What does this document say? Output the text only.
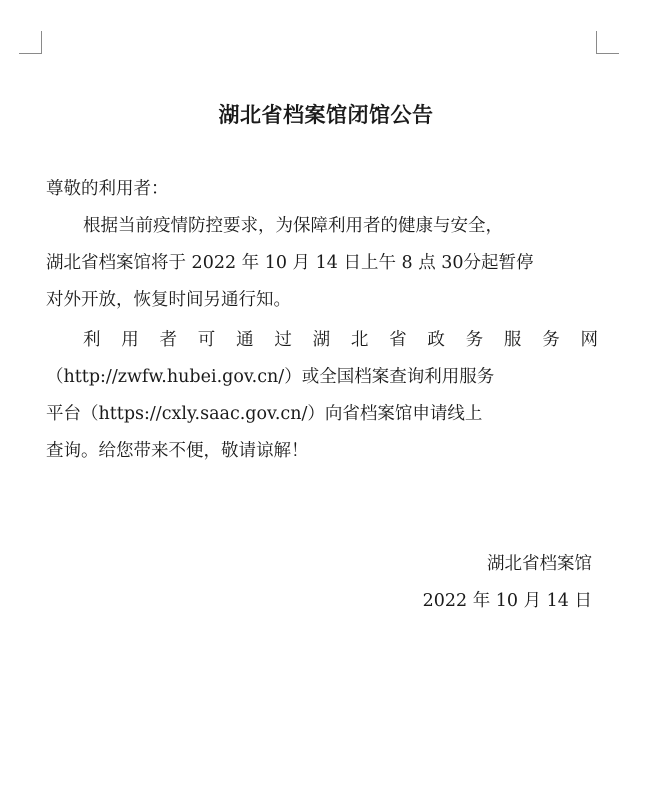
湖北省档案馆闭馆公告
尊敬的利用者：
根据当前疫情防控要求，为保障利用者的健康与安全，
湖北省档案馆将于 2022 年 10 月 14 日上午 8 点 30分起暂停
对外开放，恢复时间另通行知。
利 用 者 可 通 过 湖 北 省 政 务 服 务 网
（http://zwfw.hubei.gov.cn/）或全国档案查询利用服务
平台（https://cxly.saac.gov.cn/）向省档案馆申请线上
查询。给您带来不便，敬请谅解！
湖北省档案馆
2022 年 10 月 14 日
